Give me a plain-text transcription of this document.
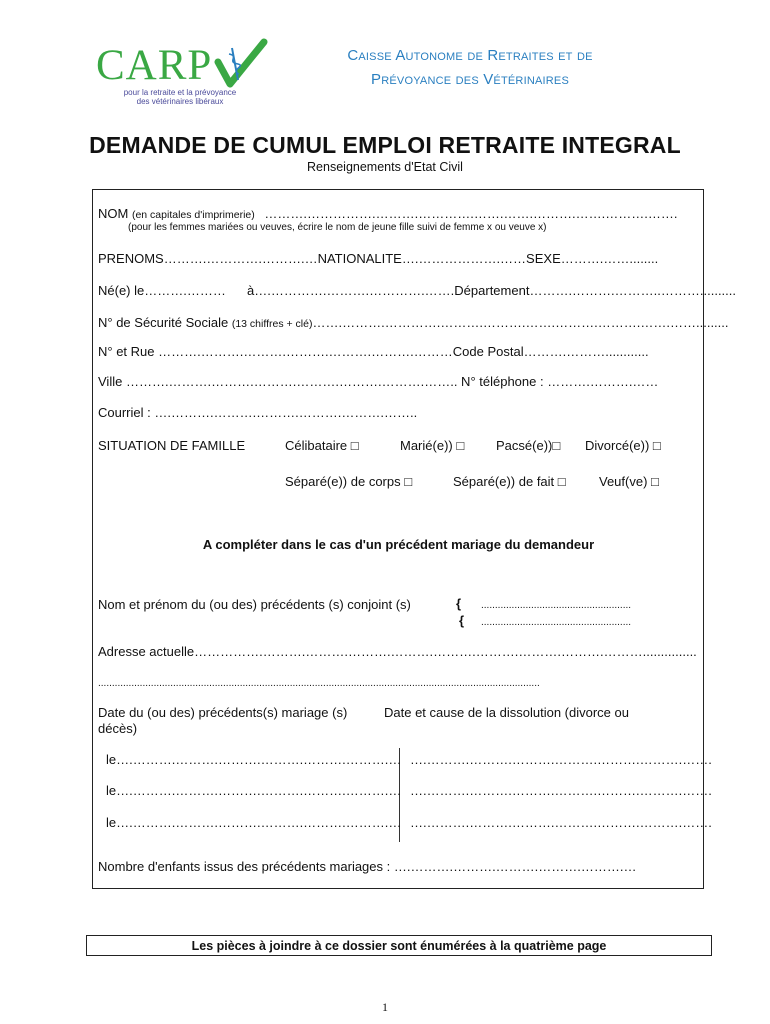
CARP
pour la retraite et la prévoyance
des vétérinaires libéraux
Caisse Autonome de Retraites et de
Prévoyance des Vétérinaires
DEMANDE DE CUMUL EMPLOI RETRAITE INTEGRAL
Renseignements d'Etat Civil
NOM (en capitales d'imprimerie) ……….…………….……….………….…….…….……….…….……….…….
(pour les femmes mariées ou veuves, écrire le nom de jeune fille suivi de femme x ou veuve x)
PRENOMS……….………….……….…NATIONALITE….……………….……SEXE……….……........
Né(e) le……….……… à….………….……….………….…….Département……….……….………..………..........
N° de Sécurité Sociale (13 chiffres + clé)…….……….………….……….……….…….……….……….…….…….........
N° et Rue ……….……….……….……….……….……….………Code Postal……….………............
Ville ……….……….……….……….……….……….……….…….. N° téléphone : ……….……….……
Courriel : ….……….……….……….……….……….……..
SITUATION DE FAMILLE	Célibataire □	Marié(e)) □ Pacsé(e))□ Divorcé(e)) □
Séparé(e)) de corps □	Séparé(e)) de fait □	Veuf(ve) □
A compléter dans le cas d'un précédent mariage du demandeur
Nom et prénom du (ou des) précédents (s) conjoint (s)	{ ......................................................
{ ......................................................
Adresse actuelle…………….……….……….……….……….……….……….……….……….………...............
...............................................................................................................................................................
Date du (ou des) précédents(s) mariage (s)	Date et cause de la dissolution (divorce ou
décès)
le….……….……….……….……….……….……….… ….……….……….……….……….……….……….…….
le….……….……….……….……….……….……….… ….……….……….……….……….……….……….…….
le….……….……….……….……….……….……….… ….……….……….……….……….……….……….…….
Nombre d'enfants issus des précédents mariages : ….……….……….……….……….……….…
Les pièces à joindre à ce dossier sont énumérées à la quatrième page
1
